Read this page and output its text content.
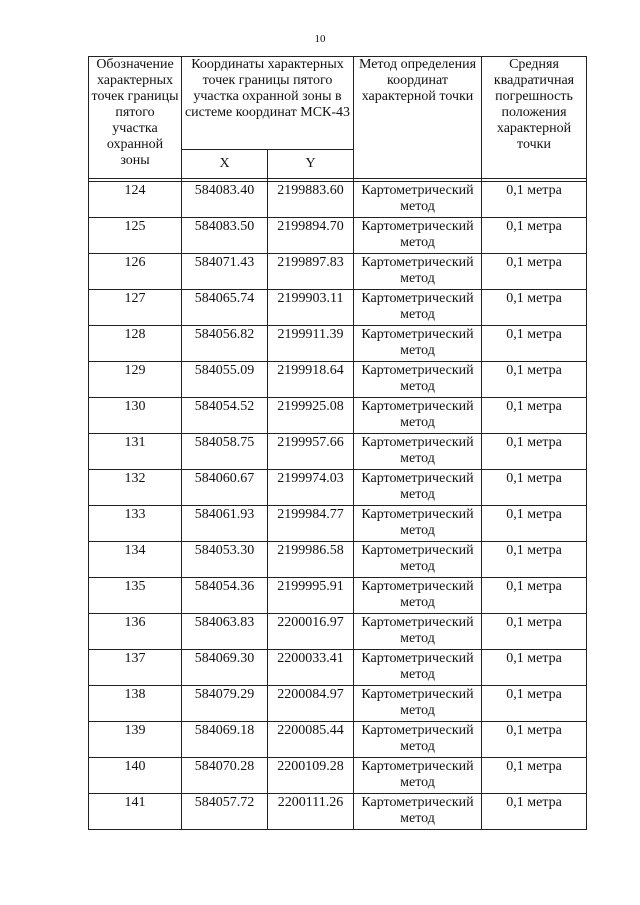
10
Обозначение характерных точек границы пятого участка охранной зоны	Координаты характерных точек границы пятого участка охранной зоны в системе координат МСК-43		Метод определения координат характерной точки	Средняя квадратичная погрешность положения характерной точки
	X	Y		

124	584083.40	2199883.60	Картометрический метод	0,1 метра
125	584083.50	2199894.70	Картометрический метод	0,1 метра
126	584071.43	2199897.83	Картометрический метод	0,1 метра
127	584065.74	2199903.11	Картометрический метод	0,1 метра
128	584056.82	2199911.39	Картометрический метод	0,1 метра
129	584055.09	2199918.64	Картометрический метод	0,1 метра
130	584054.52	2199925.08	Картометрический метод	0,1 метра
131	584058.75	2199957.66	Картометрический метод	0,1 метра
132	584060.67	2199974.03	Картометрический метод	0,1 метра
133	584061.93	2199984.77	Картометрический метод	0,1 метра
134	584053.30	2199986.58	Картометрический метод	0,1 метра
135	584054.36	2199995.91	Картометрический метод	0,1 метра
136	584063.83	2200016.97	Картометрический метод	0,1 метра
137	584069.30	2200033.41	Картометрический метод	0,1 метра
138	584079.29	2200084.97	Картометрический метод	0,1 метра
139	584069.18	2200085.44	Картометрический метод	0,1 метра
140	584070.28	2200109.28	Картометрический метод	0,1 метра
141	584057.72	2200111.26	Картометрический метод	0,1 метра
